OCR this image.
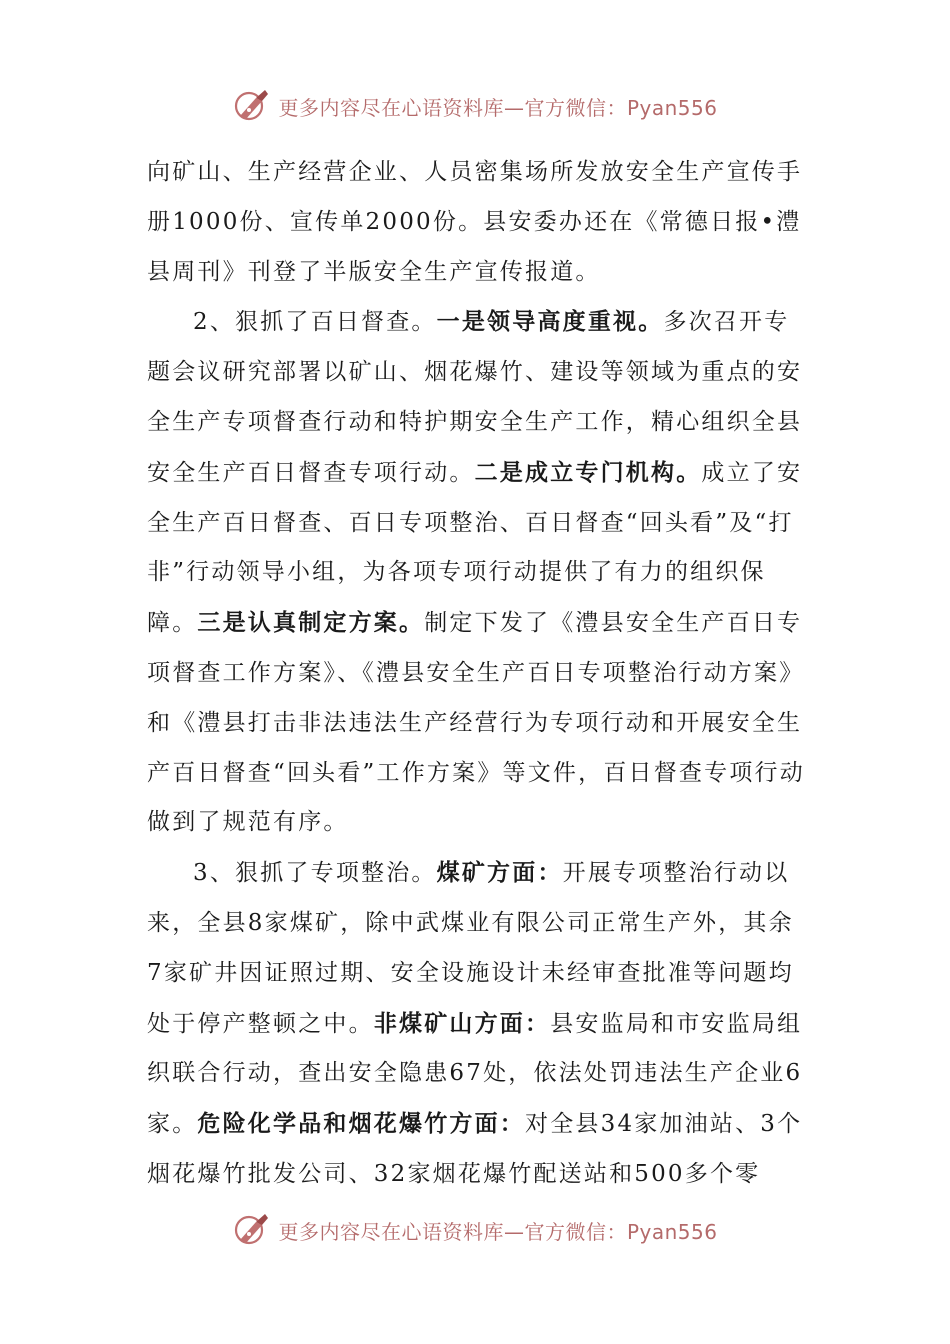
更多内容尽在心语资料库—官方微信：Pyan556

向矿山、生产经营企业、人员密集场所发放安全生产宣传手册1000份、宣传单2000份。县安委办还在《常德日报•澧县周刊》刊登了半版安全生产宣传报道。

2、狠抓了百日督查。一是领导高度重视。多次召开专题会议研究部署以矿山、烟花爆竹、建设等领域为重点的安全生产专项督查行动和特护期安全生产工作，精心组织全县安全生产百日督查专项行动。二是成立专门机构。成立了安全生产百日督查、百日专项整治、百日督查“回头看”及“打非”行动领导小组，为各项专项行动提供了有力的组织保障。三是认真制定方案。制定下发了《澧县安全生产百日专项督查工作方案》、《澧县安全生产百日专项整治行动方案》和《澧县打击非法违法生产经营行为专项行动和开展安全生产百日督查“回头看”工作方案》等文件，百日督查专项行动做到了规范有序。

3、狠抓了专项整治。煤矿方面：开展专项整治行动以来，全县8家煤矿，除中武煤业有限公司正常生产外，其余7家矿井因证照过期、安全设施设计未经审查批准等问题均处于停产整顿之中。非煤矿山方面：县安监局和市安监局组织联合行动，查出安全隐患67处，依法处罚违法生产企业6家。危险化学品和烟花爆竹方面：对全县34家加油站、3个烟花爆竹批发公司、32家烟花爆竹配送站和500多个零

更多内容尽在心语资料库—官方微信：Pyan556
